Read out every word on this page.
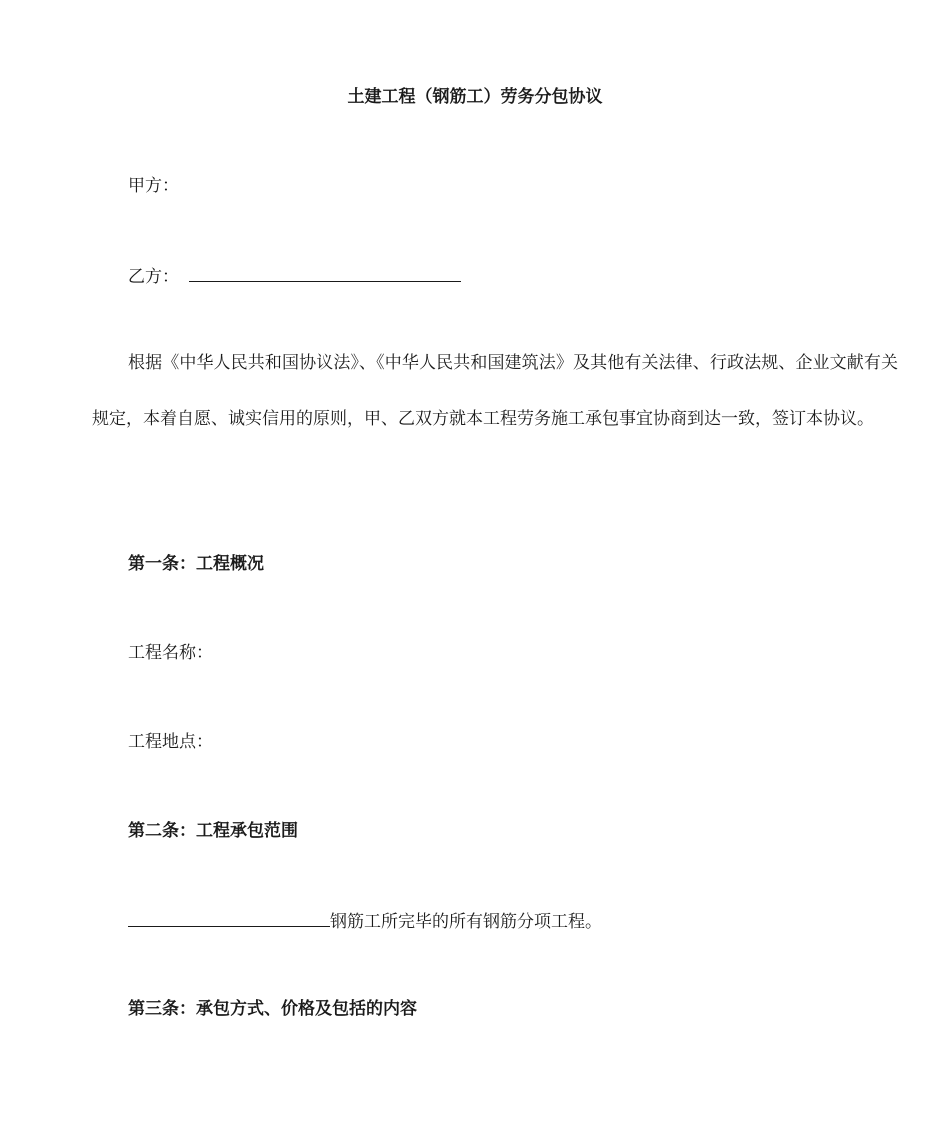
土建工程（钢筋工）劳务分包协议
甲方：
乙方：
根据《中华人民共和国协议法》、《中华人民共和国建筑法》及其他有关法律、行政法规、企业文献有关规定，本着自愿、诚实信用的原则，甲、乙双方就本工程劳务施工承包事宜协商到达一致，签订本协议。
第一条：工程概况
工程名称：
工程地点：
第二条：工程承包范围
钢筋工所完毕的所有钢筋分项工程。
第三条：承包方式、价格及包括的内容
